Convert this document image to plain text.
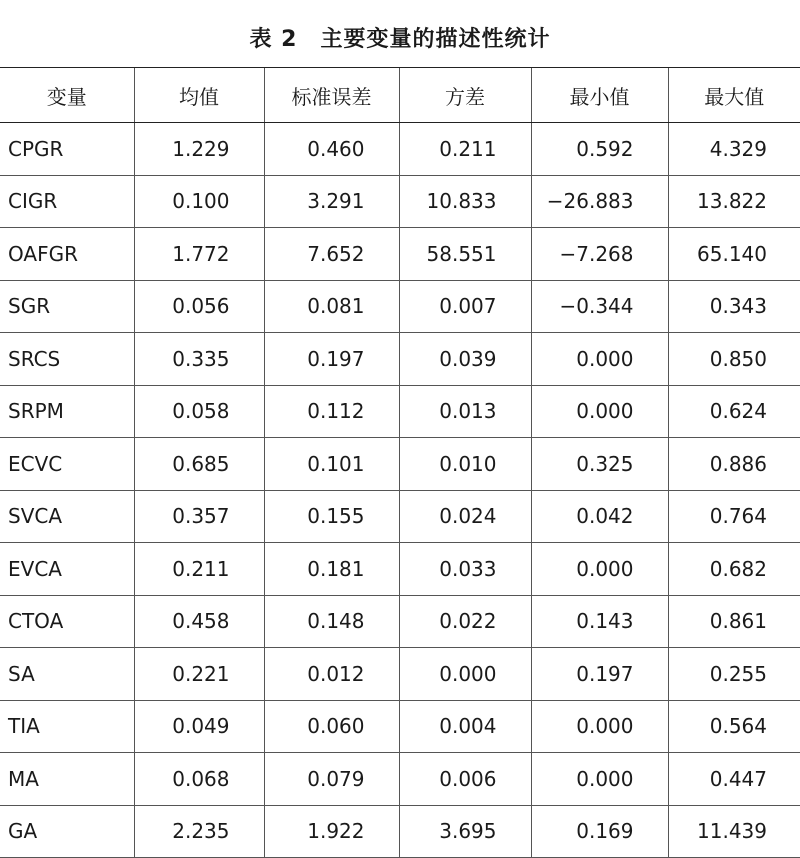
表 2　主要变量的描述性统计
变量	均值	标准误差	方差	最小值	最大值
CPGR	1.229	0.460	0.211	0.592	4.329
CIGR	0.100	3.291	10.833	−26.883	13.822
OAFGR	1.772	7.652	58.551	−7.268	65.140
SGR	0.056	0.081	0.007	−0.344	0.343
SRCS	0.335	0.197	0.039	0.000	0.850
SRPM	0.058	0.112	0.013	0.000	0.624
ECVC	0.685	0.101	0.010	0.325	0.886
SVCA	0.357	0.155	0.024	0.042	0.764
EVCA	0.211	0.181	0.033	0.000	0.682
CTOA	0.458	0.148	0.022	0.143	0.861
SA	0.221	0.012	0.000	0.197	0.255
TIA	0.049	0.060	0.004	0.000	0.564
MA	0.068	0.079	0.006	0.000	0.447
GA	2.235	1.922	3.695	0.169	11.439
